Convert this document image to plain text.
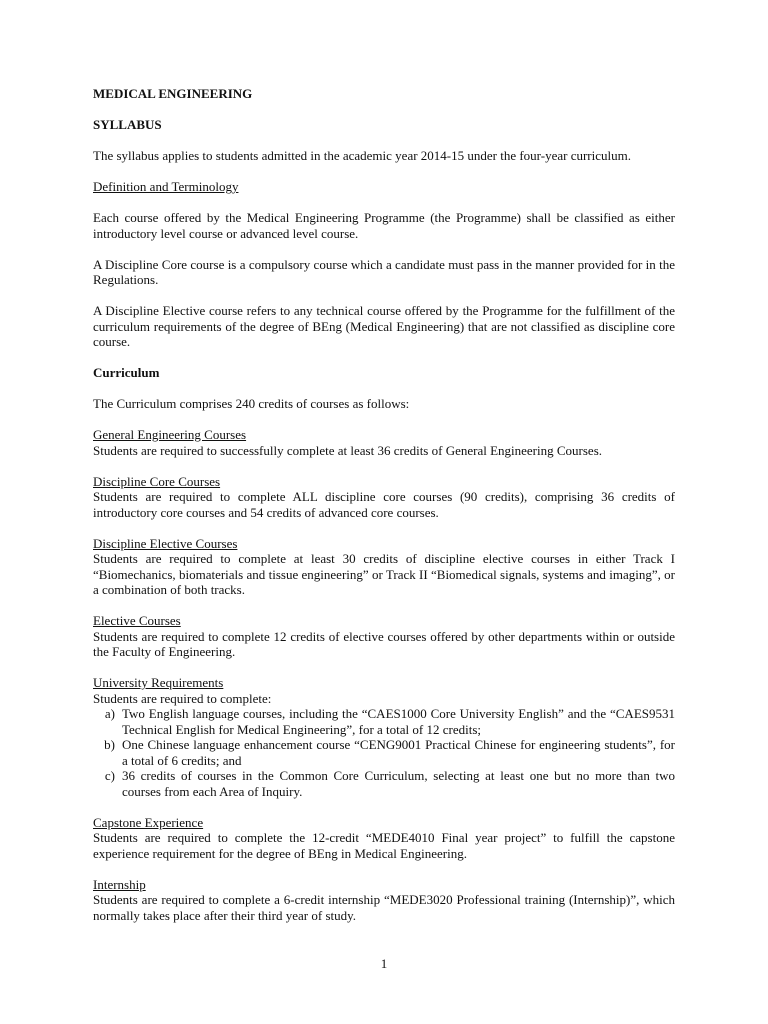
MEDICAL ENGINEERING

SYLLABUS

The syllabus applies to students admitted in the academic year 2014-15 under the four-year curriculum.

Definition and Terminology

Each course offered by the Medical Engineering Programme (the Programme) shall be classified as either introductory level course or advanced level course.

A Discipline Core course is a compulsory course which a candidate must pass in the manner provided for in the Regulations.

A Discipline Elective course refers to any technical course offered by the Programme for the fulfillment of the curriculum requirements of the degree of BEng (Medical Engineering) that are not classified as discipline core course.

Curriculum

The Curriculum comprises 240 credits of courses as follows:

General Engineering Courses

Students are required to successfully complete at least 36 credits of General Engineering Courses.

Discipline Core Courses

Students are required to complete ALL discipline core courses (90 credits), comprising 36 credits of introductory core courses and 54 credits of advanced core courses.

Discipline Elective Courses

Students are required to complete at least 30 credits of discipline elective courses in either Track I “Biomechanics, biomaterials and tissue engineering” or Track II “Biomedical signals, systems and imaging”, or a combination of both tracks.

Elective Courses

Students are required to complete 12 credits of elective courses offered by other departments within or outside the Faculty of Engineering.

University Requirements

Students are required to complete:

a) Two English language courses, including the “CAES1000 Core University English” and the “CAES9531 Technical English for Medical Engineering”, for a total of 12 credits;
b) One Chinese language enhancement course “CENG9001 Practical Chinese for engineering students”, for a total of 6 credits; and
c) 36 credits of courses in the Common Core Curriculum, selecting at least one but no more than two courses from each Area of Inquiry.

Capstone Experience

Students are required to complete the 12-credit “MEDE4010 Final year project” to fulfill the capstone experience requirement for the degree of BEng in Medical Engineering.

Internship

Students are required to complete a 6-credit internship “MEDE3020 Professional training (Internship)”, which normally takes place after their third year of study.

1
